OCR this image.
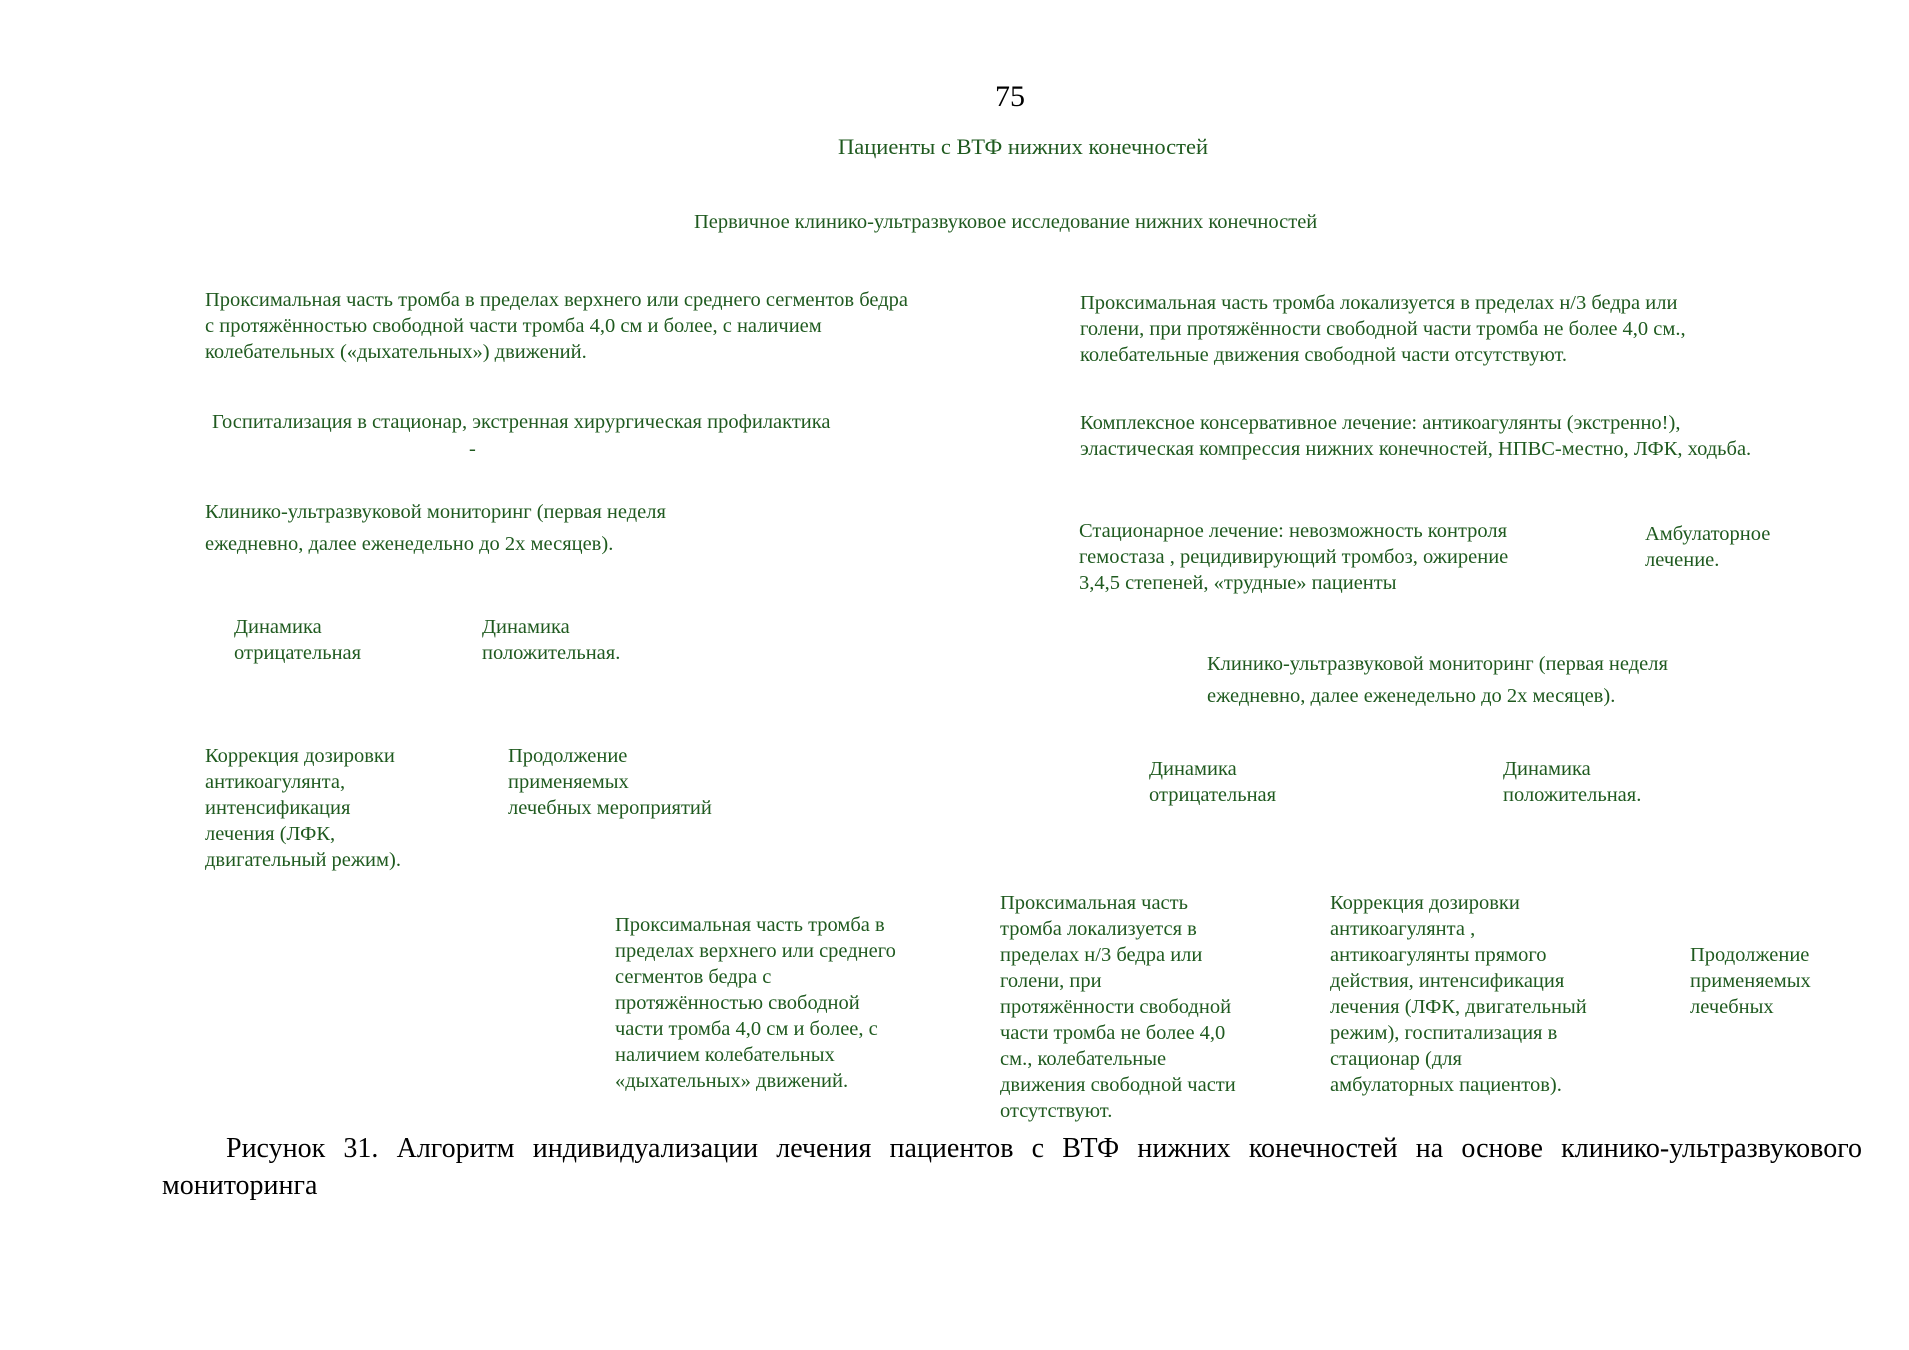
75
Пациенты с ВТФ нижних конечностей
Первичное клинико-ультразвуковое исследование нижних конечностей
Проксимальная часть тромба в пределах верхнего или среднего сегментов бедра
с протяжённостью свободной части тромба 4,0 см и более, с наличием
колебательных («дыхательных») движений.
Госпитализация в стационар, экстренная хирургическая профилактика
-
Клинико-ультразвуковой мониторинг (первая неделя
ежедневно, далее еженедельно до 2х месяцев).
Динамика
отрицательная
Динамика
положительная.
Коррекция дозировки
антикоагулянта,
интенсификация
лечения (ЛФК,
двигательный режим).
Продолжение
применяемых
лечебных мероприятий
Проксимальная часть тромба локализуется в пределах н/3 бедра или
голени, при протяжённости свободной части тромба не более 4,0 см.,
колебательные движения свободной части отсутствуют.
Комплексное консервативное лечение: антикоагулянты (экстренно!),
эластическая компрессия нижних конечностей, НПВС-местно, ЛФК, ходьба.
Стационарное лечение: невозможность контроля
гемостаза , рецидивирующий тромбоз, ожирение
3,4,5 степеней, «трудные» пациенты
Амбулаторное
лечение.
Клинико-ультразвуковой мониторинг (первая неделя
ежедневно, далее еженедельно до 2х месяцев).
Динамика
отрицательная
Динамика
положительная.
Проксимальная часть тромба в
пределах верхнего или среднего
сегментов бедра с
протяжённостью свободной
части тромба 4,0 см и более, с
наличием колебательных
«дыхательных» движений.
Проксимальная часть
тромба локализуется в
пределах н/3 бедра или
голени, при
протяжённости свободной
части тромба не более 4,0
см., колебательные
движения свободной части
отсутствуют.
Коррекция дозировки
антикоагулянта ,
антикоагулянты прямого
действия, интенсификация
лечения (ЛФК, двигательный
режим), госпитализация в
стационар (для
амбулаторных пациентов).
Продолжение
применяемых
лечебных
Рисунок 31. Алгоритм индивидуализации лечения пациентов с ВТФ нижних конечностей на основе клинико-ультразвукового мониторинга
